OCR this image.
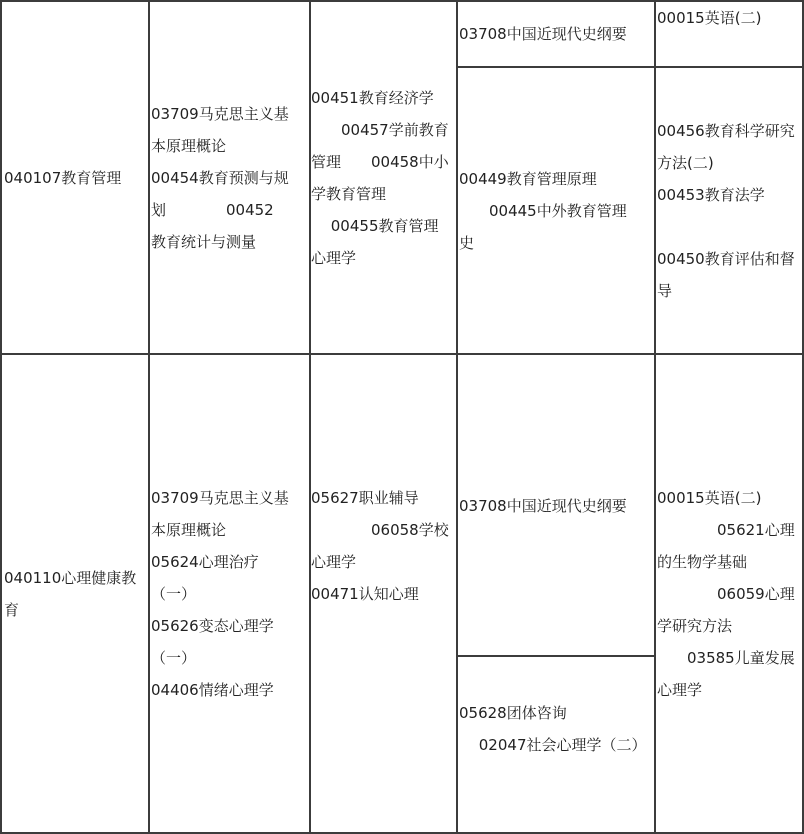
040107教育管理
03709马克思主义基
本原理概论
00454教育预测与规
划　　　　00452
教育统计与测量
00451教育经济学
　　00457学前教育
管理　　00458中小
学教育管理
　 00455教育管理
心理学
03708中国近现代史纲要
00449教育管理原理
　　00445中外教育管理
史
00015英语(二)
00456教育科学研究
方法(二)
00453教育法学
00450教育评估和督
导
040110心理健康教
育
03709马克思主义基
本原理概论
05624心理治疗
（一）
05626变态心理学
（一）
04406情绪心理学
05627职业辅导
　　　　06058学校
心理学
00471认知心理
03708中国近现代史纲要
05628团体咨询
　 02047社会心理学（二）
00015英语(二)
　　　　05621心理
的生物学基础
　　　　06059心理
学研究方法
　　03585儿童发展
心理学
